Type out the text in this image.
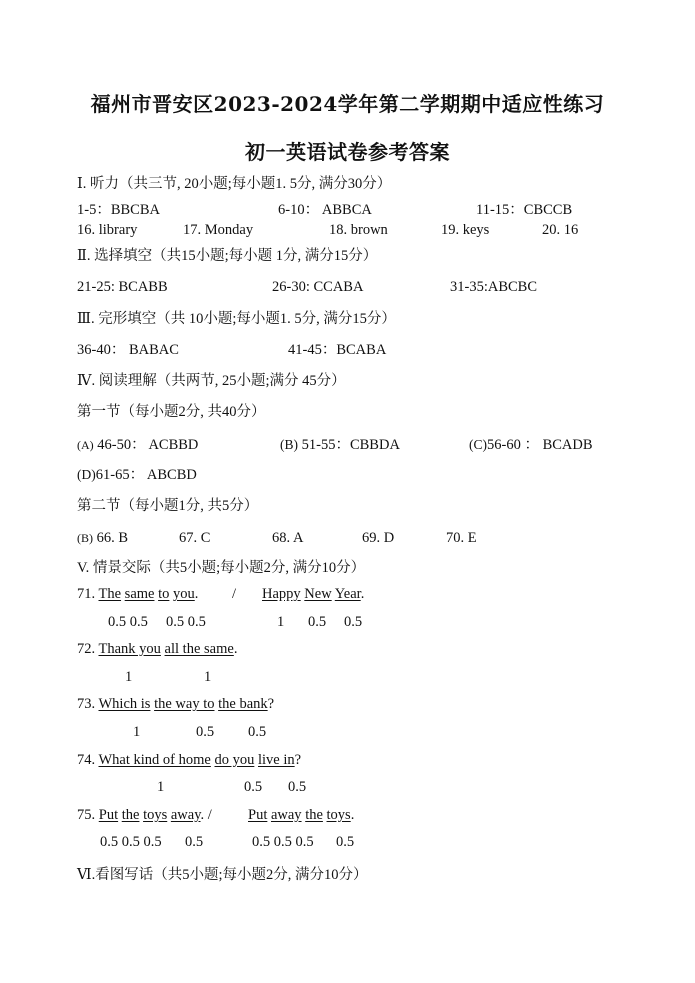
福州市晋安区2023-2024学年第二学期期中适应性练习
初一英语试卷参考答案
Ⅰ. 听力（共三节, 20小题;每小题1. 5分, 满分30分）
1-5：BBCBA	6-10： ABBCA	11-15：CBCCB
16. library	17. Monday	18. brown	19. keys	20. 16
Ⅱ. 选择填空（共15小题;每小题 1分, 满分15分）
21-25: BCABB	26-30: CCABA	31-35:ABCBC
Ⅲ. 完形填空（共 10小题;每小题1. 5分, 满分15分）
36-40： BABAC	41-45：BCABA
Ⅳ. 阅读理解（共两节, 25小题;满分 45分）
第一节（每小题2分, 共40分）
(A) 46-50： ACBBD	(B) 51-55：CBBDA	(C)56-60 ： BCADB
(D)61-65： ABCBD
第二节（每小题1分, 共5分）
(B) 66. B	67. C	68. A	69. D	70. E
V. 情景交际（共5小题;每小题2分, 满分10分）
71. The same to you. / Happy New Year.
0.5 0.5 0.5 0.5	1 0.5 0.5
72. Thank you all the same.
1	1
73. Which is the way to the bank?
1	0.5 0.5
74. What kind of home do you live in?
1	0.5 0.5
75. Put the toys away. / Put away the toys.
0.5 0.5 0.5 0.5	0.5 0.5 0.5 0.5
Ⅵ.看图写话（共5小题;每小题2分, 满分10分）
